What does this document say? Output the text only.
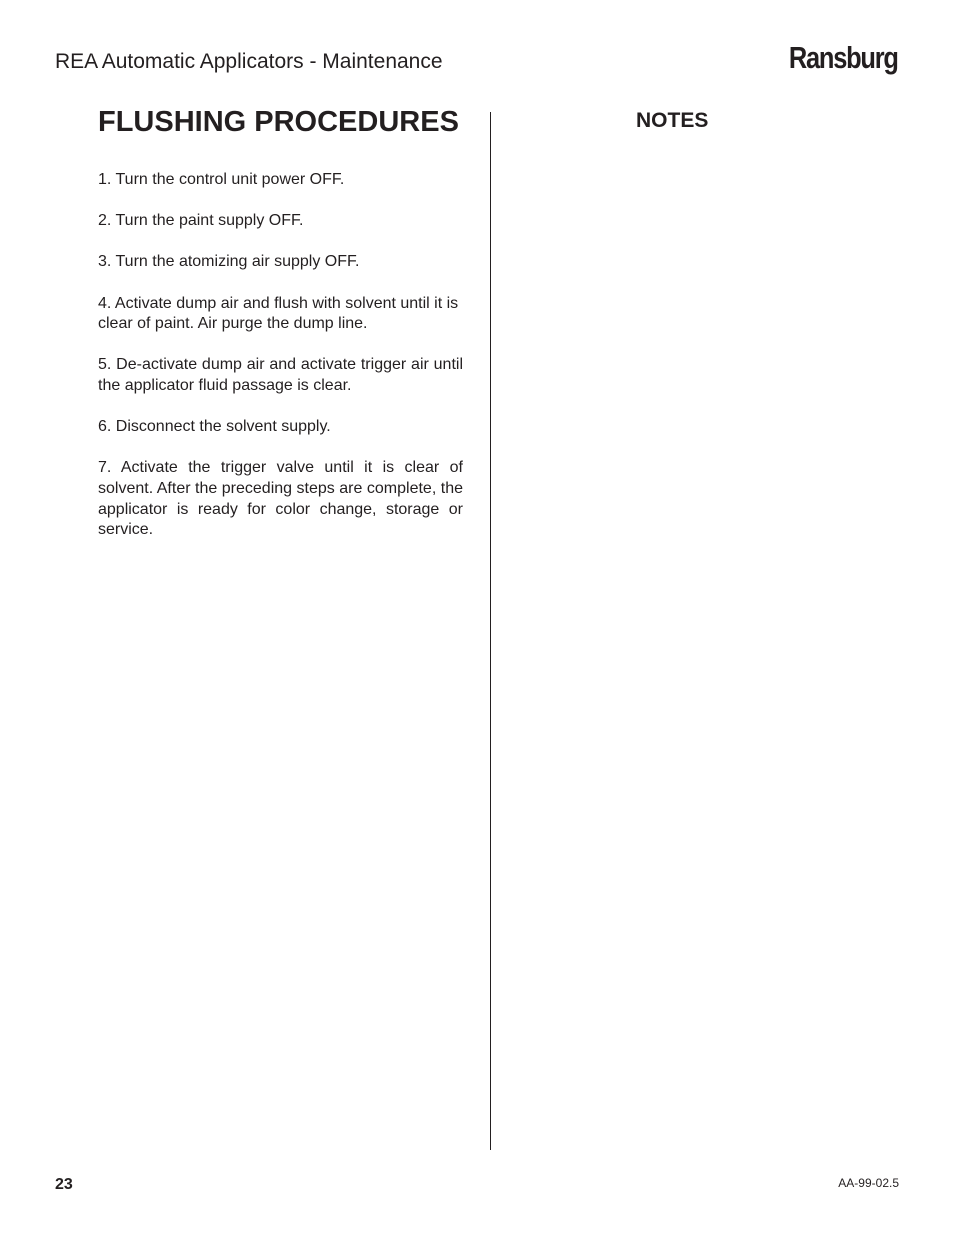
REA Automatic Applicators - Maintenance	Ransburg
FLUSHING PROCEDURES
1. Turn the control unit power OFF.
2. Turn the paint supply OFF.
3. Turn the atomizing air supply OFF.
4. Activate dump air and flush with solvent until it is clear of paint. Air purge the dump line.
5. De-activate dump air and activate trigger air until the applicator fluid passage is clear.
6. Disconnect the solvent supply.
7. Activate the trigger valve until it is clear of solvent. After the preceding steps are complete, the applicator is ready for color change, storage or service.
NOTES
23	AA-99-02.5
